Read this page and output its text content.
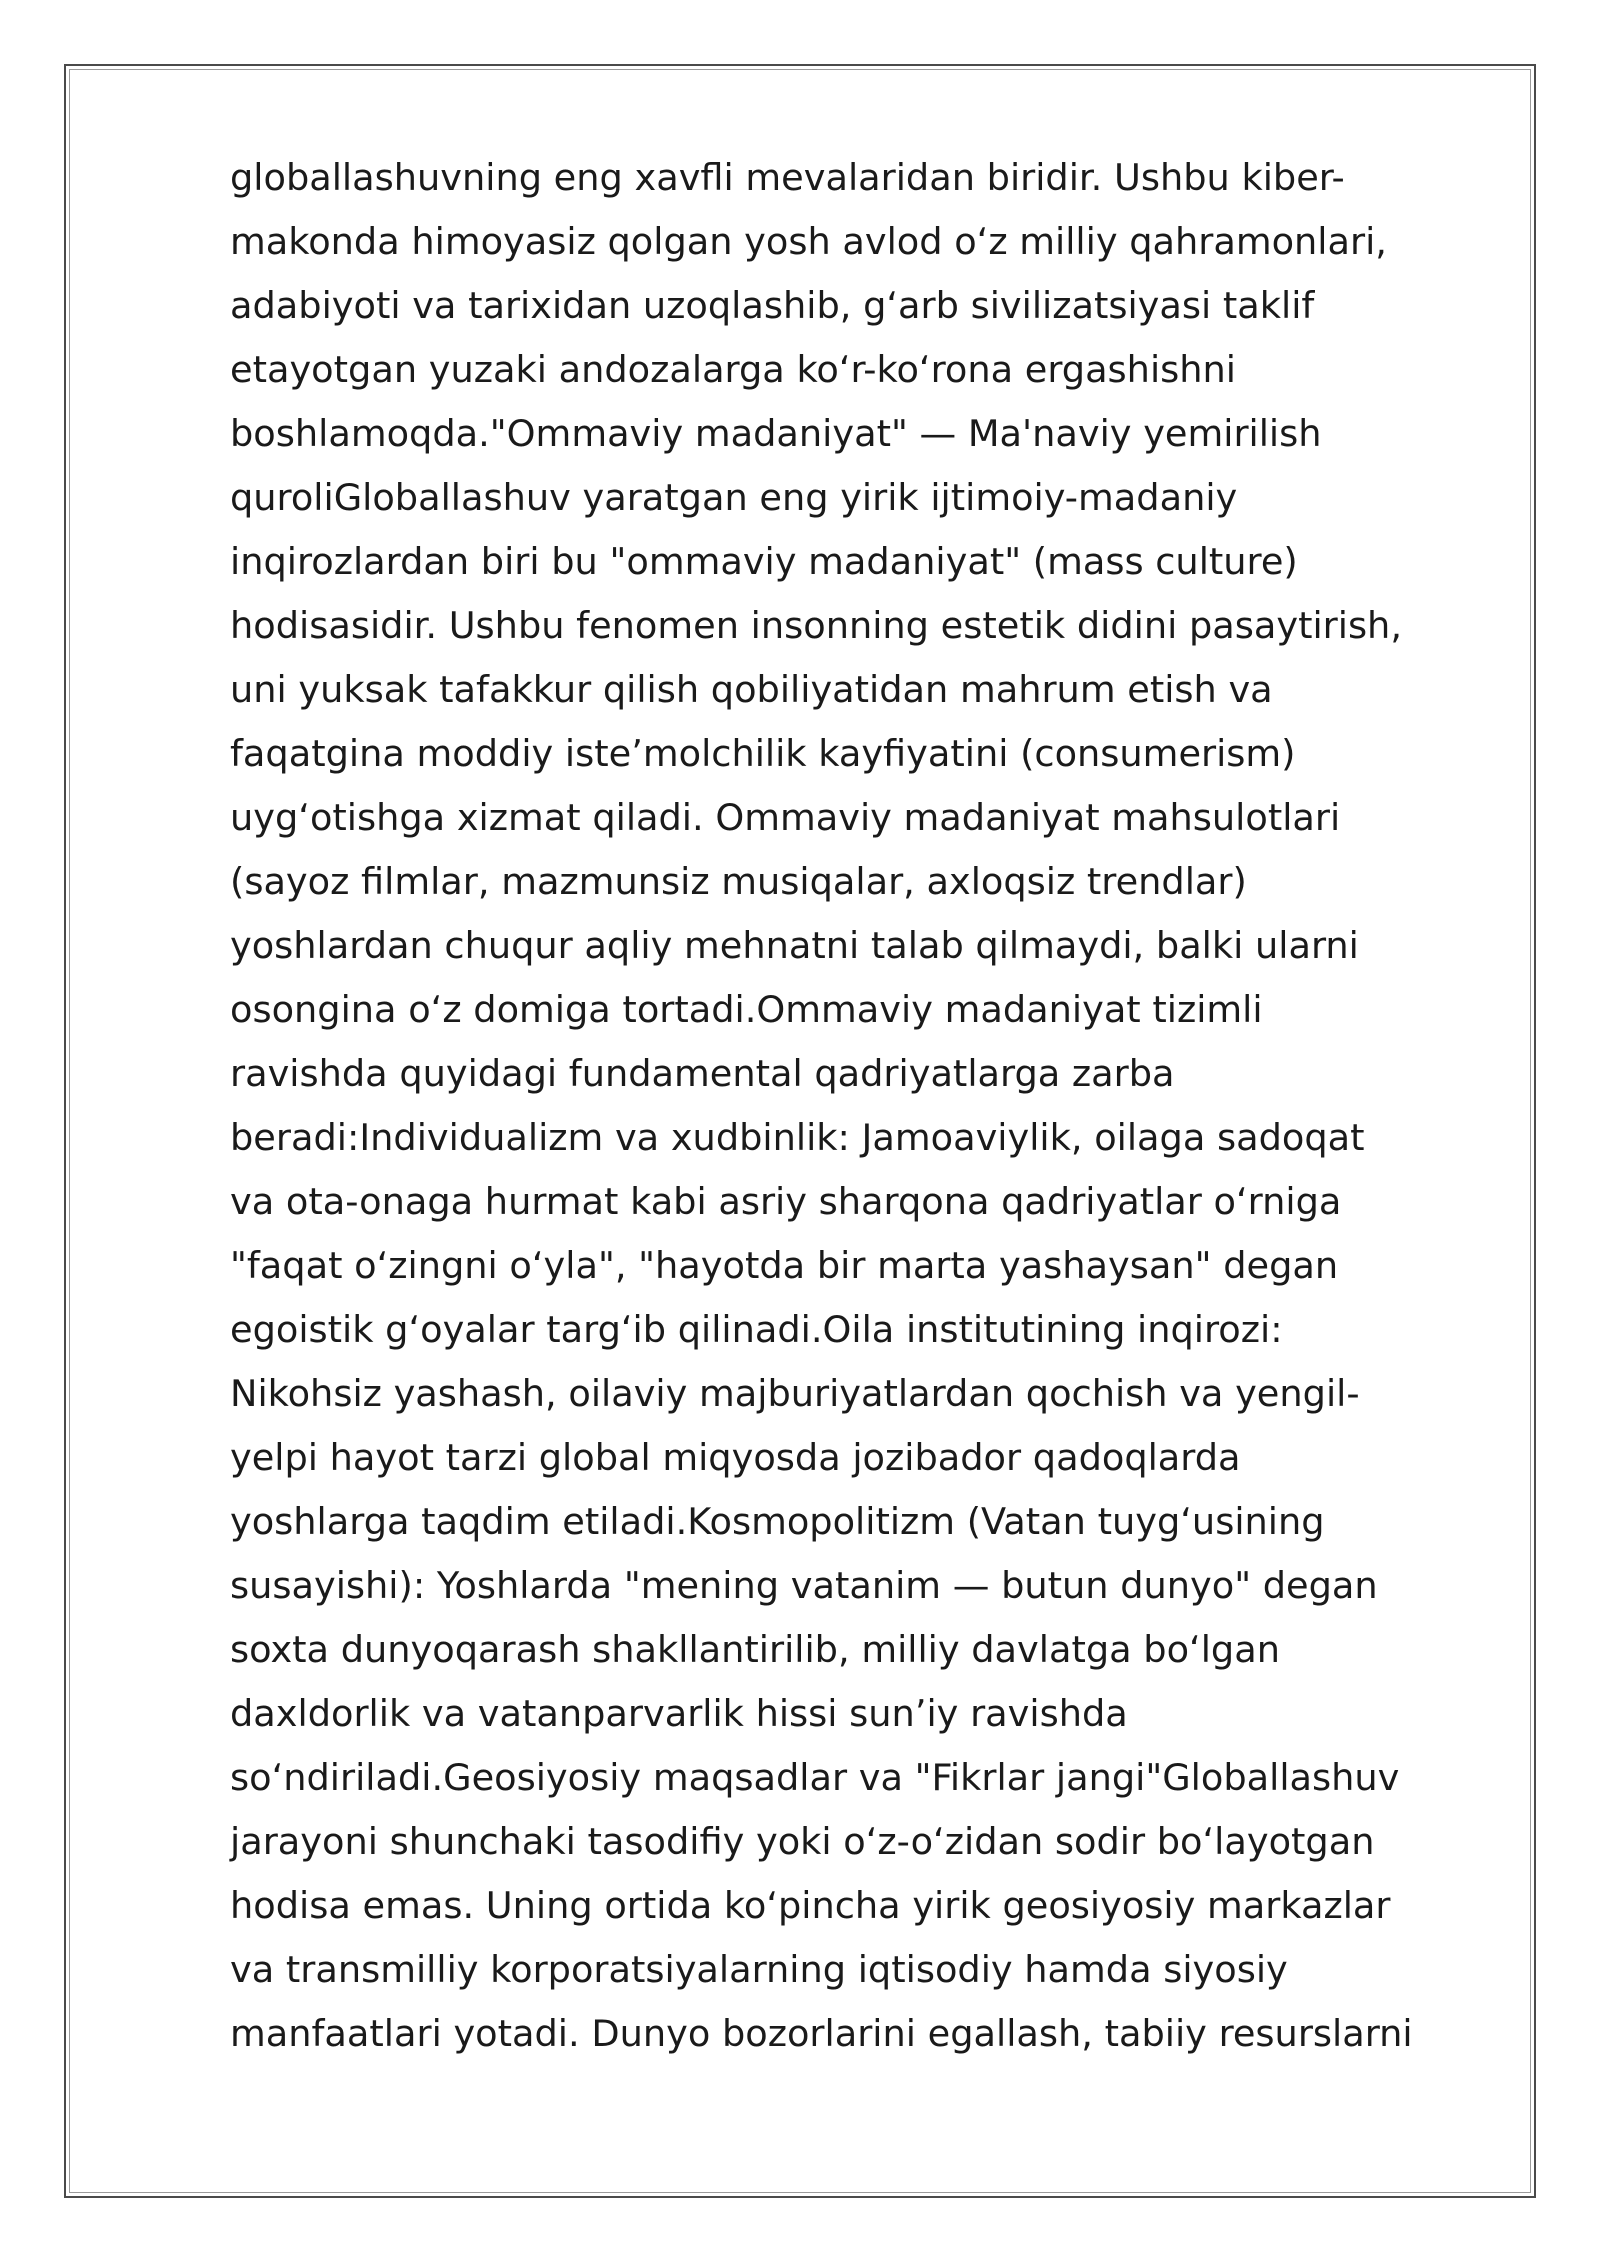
globallashuvning eng xavfli mevalaridan biridir. Ushbu kiber-
makonda himoyasiz qolgan yosh avlod o‘z milliy qahramonlari,
adabiyoti va tarixidan uzoqlashib, g‘arb sivilizatsiyasi taklif
etayotgan yuzaki andozalarga ko‘r-ko‘rona ergashishni
boshlamoqda."Ommaviy madaniyat" — Ma'naviy yemirilish
quroliGloballashuv yaratgan eng yirik ijtimoiy-madaniy
inqirozlardan biri bu "ommaviy madaniyat" (mass culture)
hodisasidir. Ushbu fenomen insonning estetik didini pasaytirish,
uni yuksak tafakkur qilish qobiliyatidan mahrum etish va
faqatgina moddiy iste’molchilik kayfiyatini (consumerism)
uyg‘otishga xizmat qiladi. Ommaviy madaniyat mahsulotlari
(sayoz filmlar, mazmunsiz musiqalar, axloqsiz trendlar)
yoshlardan chuqur aqliy mehnatni talab qilmaydi, balki ularni
osongina o‘z domiga tortadi.Ommaviy madaniyat tizimli
ravishda quyidagi fundamental qadriyatlarga zarba
beradi:Individualizm va xudbinlik: Jamoaviylik, oilaga sadoqat
va ota-onaga hurmat kabi asriy sharqona qadriyatlar o‘rniga
"faqat o‘zingni o‘yla", "hayotda bir marta yashaysan" degan
egoistik g‘oyalar targ‘ib qilinadi.Oila institutining inqirozi:
Nikohsiz yashash, oilaviy majburiyatlardan qochish va yengil-
yelpi hayot tarzi global miqyosda jozibador qadoqlarda
yoshlarga taqdim etiladi.Kosmopolitizm (Vatan tuyg‘usining
susayishi): Yoshlarda "mening vatanim — butun dunyo" degan
soxta dunyoqarash shakllantirilib, milliy davlatga bo‘lgan
daxldorlik va vatanparvarlik hissi sun’iy ravishda
so‘ndiriladi.Geosiyosiy maqsadlar va "Fikrlar jangi"Globallashuv
jarayoni shunchaki tasodifiy yoki o‘z-o‘zidan sodir bo‘layotgan
hodisa emas. Uning ortida ko‘pincha yirik geosiyosiy markazlar
va transmilliy korporatsiyalarning iqtisodiy hamda siyosiy
manfaatlari yotadi. Dunyo bozorlarini egallash, tabiiy resurslarni
